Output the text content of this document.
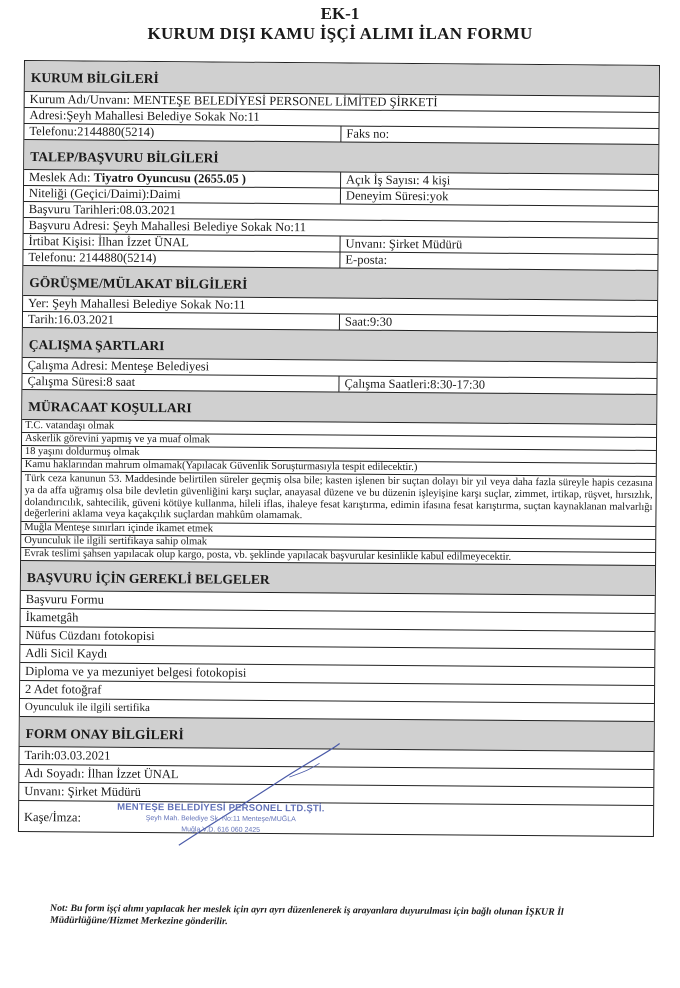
EK-1
KURUM DIŞI KAMU İŞÇİ ALIMI İLAN FORMU
KURUM BİLGİLERİ
Kurum Adı/Unvanı: MENTEŞE BELEDİYESİ PERSONEL LİMİTED ŞİRKETİ
Adresi:Şeyh Mahallesi Belediye Sokak No:11
Telefonu:2144880(5214)	Faks no:
TALEP/BAŞVURU BİLGİLERİ
Meslek Adı: Tiyatro Oyuncusu (2655.05 )	Açık İş Sayısı: 4 kişi
Niteliği (Geçici/Daimi):Daimi	Deneyim Süresi:yok
Başvuru Tarihleri:08.03.2021
Başvuru Adresi: Şeyh Mahallesi Belediye Sokak No:11
İrtibat Kişisi: İlhan İzzet ÜNAL	Unvanı: Şirket Müdürü
Telefonu: 2144880(5214)	E-posta:
GÖRÜŞME/MÜLAKAT BİLGİLERİ
Yer: Şeyh Mahallesi Belediye Sokak No:11
Tarih:16.03.2021	Saat:9:30
ÇALIŞMA ŞARTLARI
Çalışma Adresi: Menteşe Belediyesi
Çalışma Süresi:8 saat	Çalışma Saatleri:8:30-17:30
MÜRACAAT KOŞULLARI
T.C. vatandaşı olmak
Askerlik görevini yapmış ve ya muaf olmak
18 yaşını doldurmuş olmak
Kamu haklarından mahrum olmamak(Yapılacak Güvenlik Soruşturmasıyla tespit edilecektir.)
Türk ceza kanunun 53. Maddesinde belirtilen süreler geçmiş olsa bile; kasten işlenen bir suçtan dolayı bir yıl veya daha fazla süreyle hapis cezasına ya da affa uğramış olsa bile devletin güvenliğini karşı suçlar, anayasal düzene ve bu düzenin işleyişine karşı suçlar, zimmet, irtikap, rüşvet, hırsızlık, dolandırıcılık, sahtecilik, güveni kötüye kullanma, hileli iflas, ihaleye fesat karıştırma, edimin ifasına fesat karıştırma, suçtan kaynaklanan malvarlığı değerlerini aklama veya kaçakçılık suçlardan mahkûm olamamak.
Muğla Menteşe sınırları içinde ikamet etmek
Oyunculuk ile ilgili sertifikaya sahip olmak
Evrak teslimi şahsen yapılacak olup kargo, posta, vb. şeklinde yapılacak başvurular kesinlikle kabul edilmeyecektir.
BAŞVURU İÇİN GEREKLİ BELGELER
Başvuru Formu
İkametgâh
Nüfus Cüzdanı fotokopisi
Adli Sicil Kaydı
Diploma ve ya mezuniyet belgesi fotokopisi
2 Adet fotoğraf
Oyunculuk ile ilgili sertifika
FORM ONAY BİLGİLERİ
Tarih:03.03.2021
Adı Soyadı: İlhan İzzet ÜNAL
Unvanı: Şirket Müdürü
Kaşe/İmza:
MENTEŞE BELEDİYESİ PERSONEL LTD.ŞTİ.
Şeyh Mah. Belediye Sk. No:11 Menteşe/MUĞLA
Muğla V.D. 616 060 2425
Not: Bu form işçi alımı yapılacak her meslek için ayrı ayrı düzenlenerek iş arayanlara duyurulması için bağlı olunan İŞKUR İl Müdürlüğüne/Hizmet Merkezine gönderilir.
